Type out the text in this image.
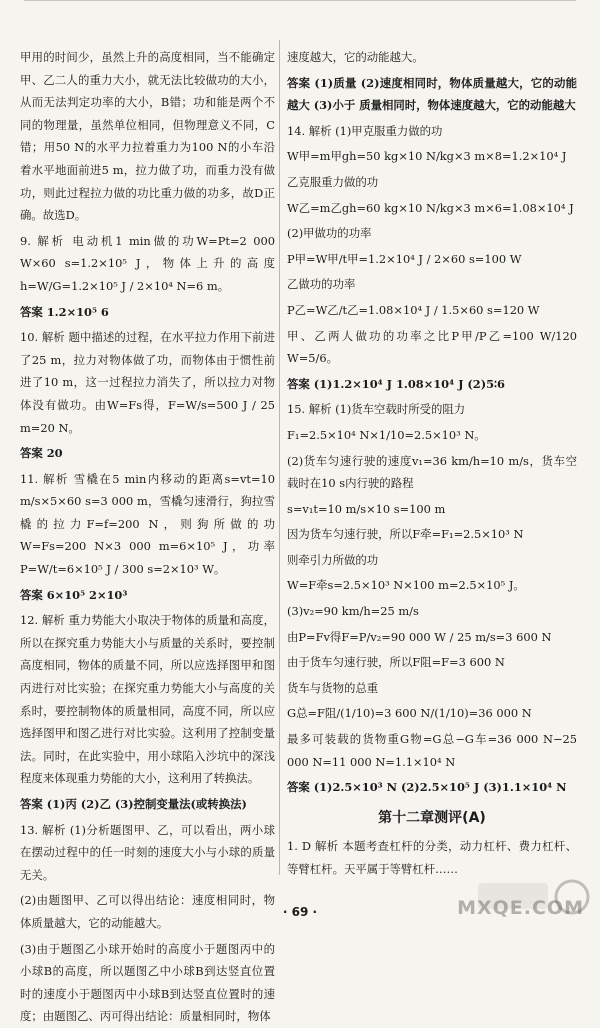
甲用的时间少，虽然上升的高度相同，当不能确定甲、乙二人的重力大小，就无法比较做功的大小，从而无法判定功率的大小，B错；功和能是两个不同的物理量，虽然单位相同，但物理意义不同，C错；用50 N的水平力拉着重力为100 N的小车沿着水平地面前进5 m，拉力做了功，而重力没有做功，则此过程拉力做的功比重力做的功多，故D正确。故选D。

9. 解析 电动机1 min做的功W=Pt=2 000 W×60 s=1.2×10⁵ J，物体上升的高度h=W/G=1.2×10⁵ J / 2×10⁴ N=6 m。

答案 1.2×10⁵ 6

10. 解析 题中描述的过程，在水平拉力作用下前进了25 m，拉力对物体做了功，而物体由于惯性前进了10 m，这一过程拉力消失了，所以拉力对物体没有做功。由W=Fs得，F=W/s=500 J / 25 m=20 N。

答案 20

11. 解析 雪橇在5 min内移动的距离s=vt=10 m/s×5×60 s=3 000 m，雪橇匀速滑行，狗拉雪橇的拉力F=f=200 N，则狗所做的功W=Fs=200 N×3 000 m=6×10⁵ J，功率P=W/t=6×10⁵ J / 300 s=2×10³ W。

答案 6×10⁵ 2×10³

12. 解析 重力势能大小取决于物体的质量和高度，所以在探究重力势能大小与质量的关系时，要控制高度相同，物体的质量不同，所以应选择图甲和图丙进行对比实验；在探究重力势能大小与高度的关系时，要控制物体的质量相同，高度不同，所以应选择图甲和图乙进行对比实验。这利用了控制变量法。同时，在此实验中，用小球陷入沙坑中的深浅程度来体现重力势能的大小，这利用了转换法。

答案 (1)丙 (2)乙 (3)控制变量法(或转换法)

13. 解析 (1)分析题图甲、乙，可以看出，两小球在摆动过程中的任一时刻的速度大小与小球的质量无关。

(2)由题图甲、乙可以得出结论：速度相同时，物体质量越大，它的动能越大。

(3)由于题图乙小球开始时的高度小于题图丙中的小球B的高度，所以题图乙中小球B到达竖直位置时的速度小于题图丙中小球B到达竖直位置时的速度；由题图乙、丙可得出结论：质量相同时，物体

速度越大，它的动能越大。

答案 (1)质量 (2)速度相同时，物体质量越大，它的动能越大 (3)小于 质量相同时，物体速度越大，它的动能越大

14. 解析 (1)甲克服重力做的功

W甲=m甲gh=50 kg×10 N/kg×3 m×8=1.2×10⁴ J

乙克服重力做的功

W乙=m乙gh=60 kg×10 N/kg×3 m×6=1.08×10⁴ J

(2)甲做功的功率

P甲=W甲/t甲=1.2×10⁴ J / 2×60 s=100 W

乙做功的功率

P乙=W乙/t乙=1.08×10⁴ J / 1.5×60 s=120 W

甲、乙两人做功的功率之比P甲/P乙=100 W/120 W=5/6。

答案 (1)1.2×10⁴ J 1.08×10⁴ J (2)5∶6

15. 解析 (1)货车空载时所受的阻力

F₁=2.5×10⁴ N×1/10=2.5×10³ N。

(2)货车匀速行驶的速度v₁=36 km/h=10 m/s，货车空载时在10 s内行驶的路程

s=v₁t=10 m/s×10 s=100 m

因为货车匀速行驶，所以F牵=F₁=2.5×10³ N

则牵引力所做的功

W=F牵s=2.5×10³ N×100 m=2.5×10⁵ J。

(3)v₂=90 km/h=25 m/s

由P=Fv得F=P/v₂=90 000 W / 25 m/s=3 600 N

由于货车匀速行驶，所以F阻=F=3 600 N

货车与货物的总重

G总=F阻/(1/10)=3 600 N/(1/10)=36 000 N

最多可装载的货物重G物=G总−G车=36 000 N−25 000 N=11 000 N=1.1×10⁴ N

答案 (1)2.5×10³ N (2)2.5×10⁵ J (3)1.1×10⁴ N

第十二章测评(A)

1. D 解析 本题考查杠杆的分类，动力杠杆、费力杠杆、等臂杠杆。天平属于等臂杠杆……

· 69 ·	MXQE.COM
